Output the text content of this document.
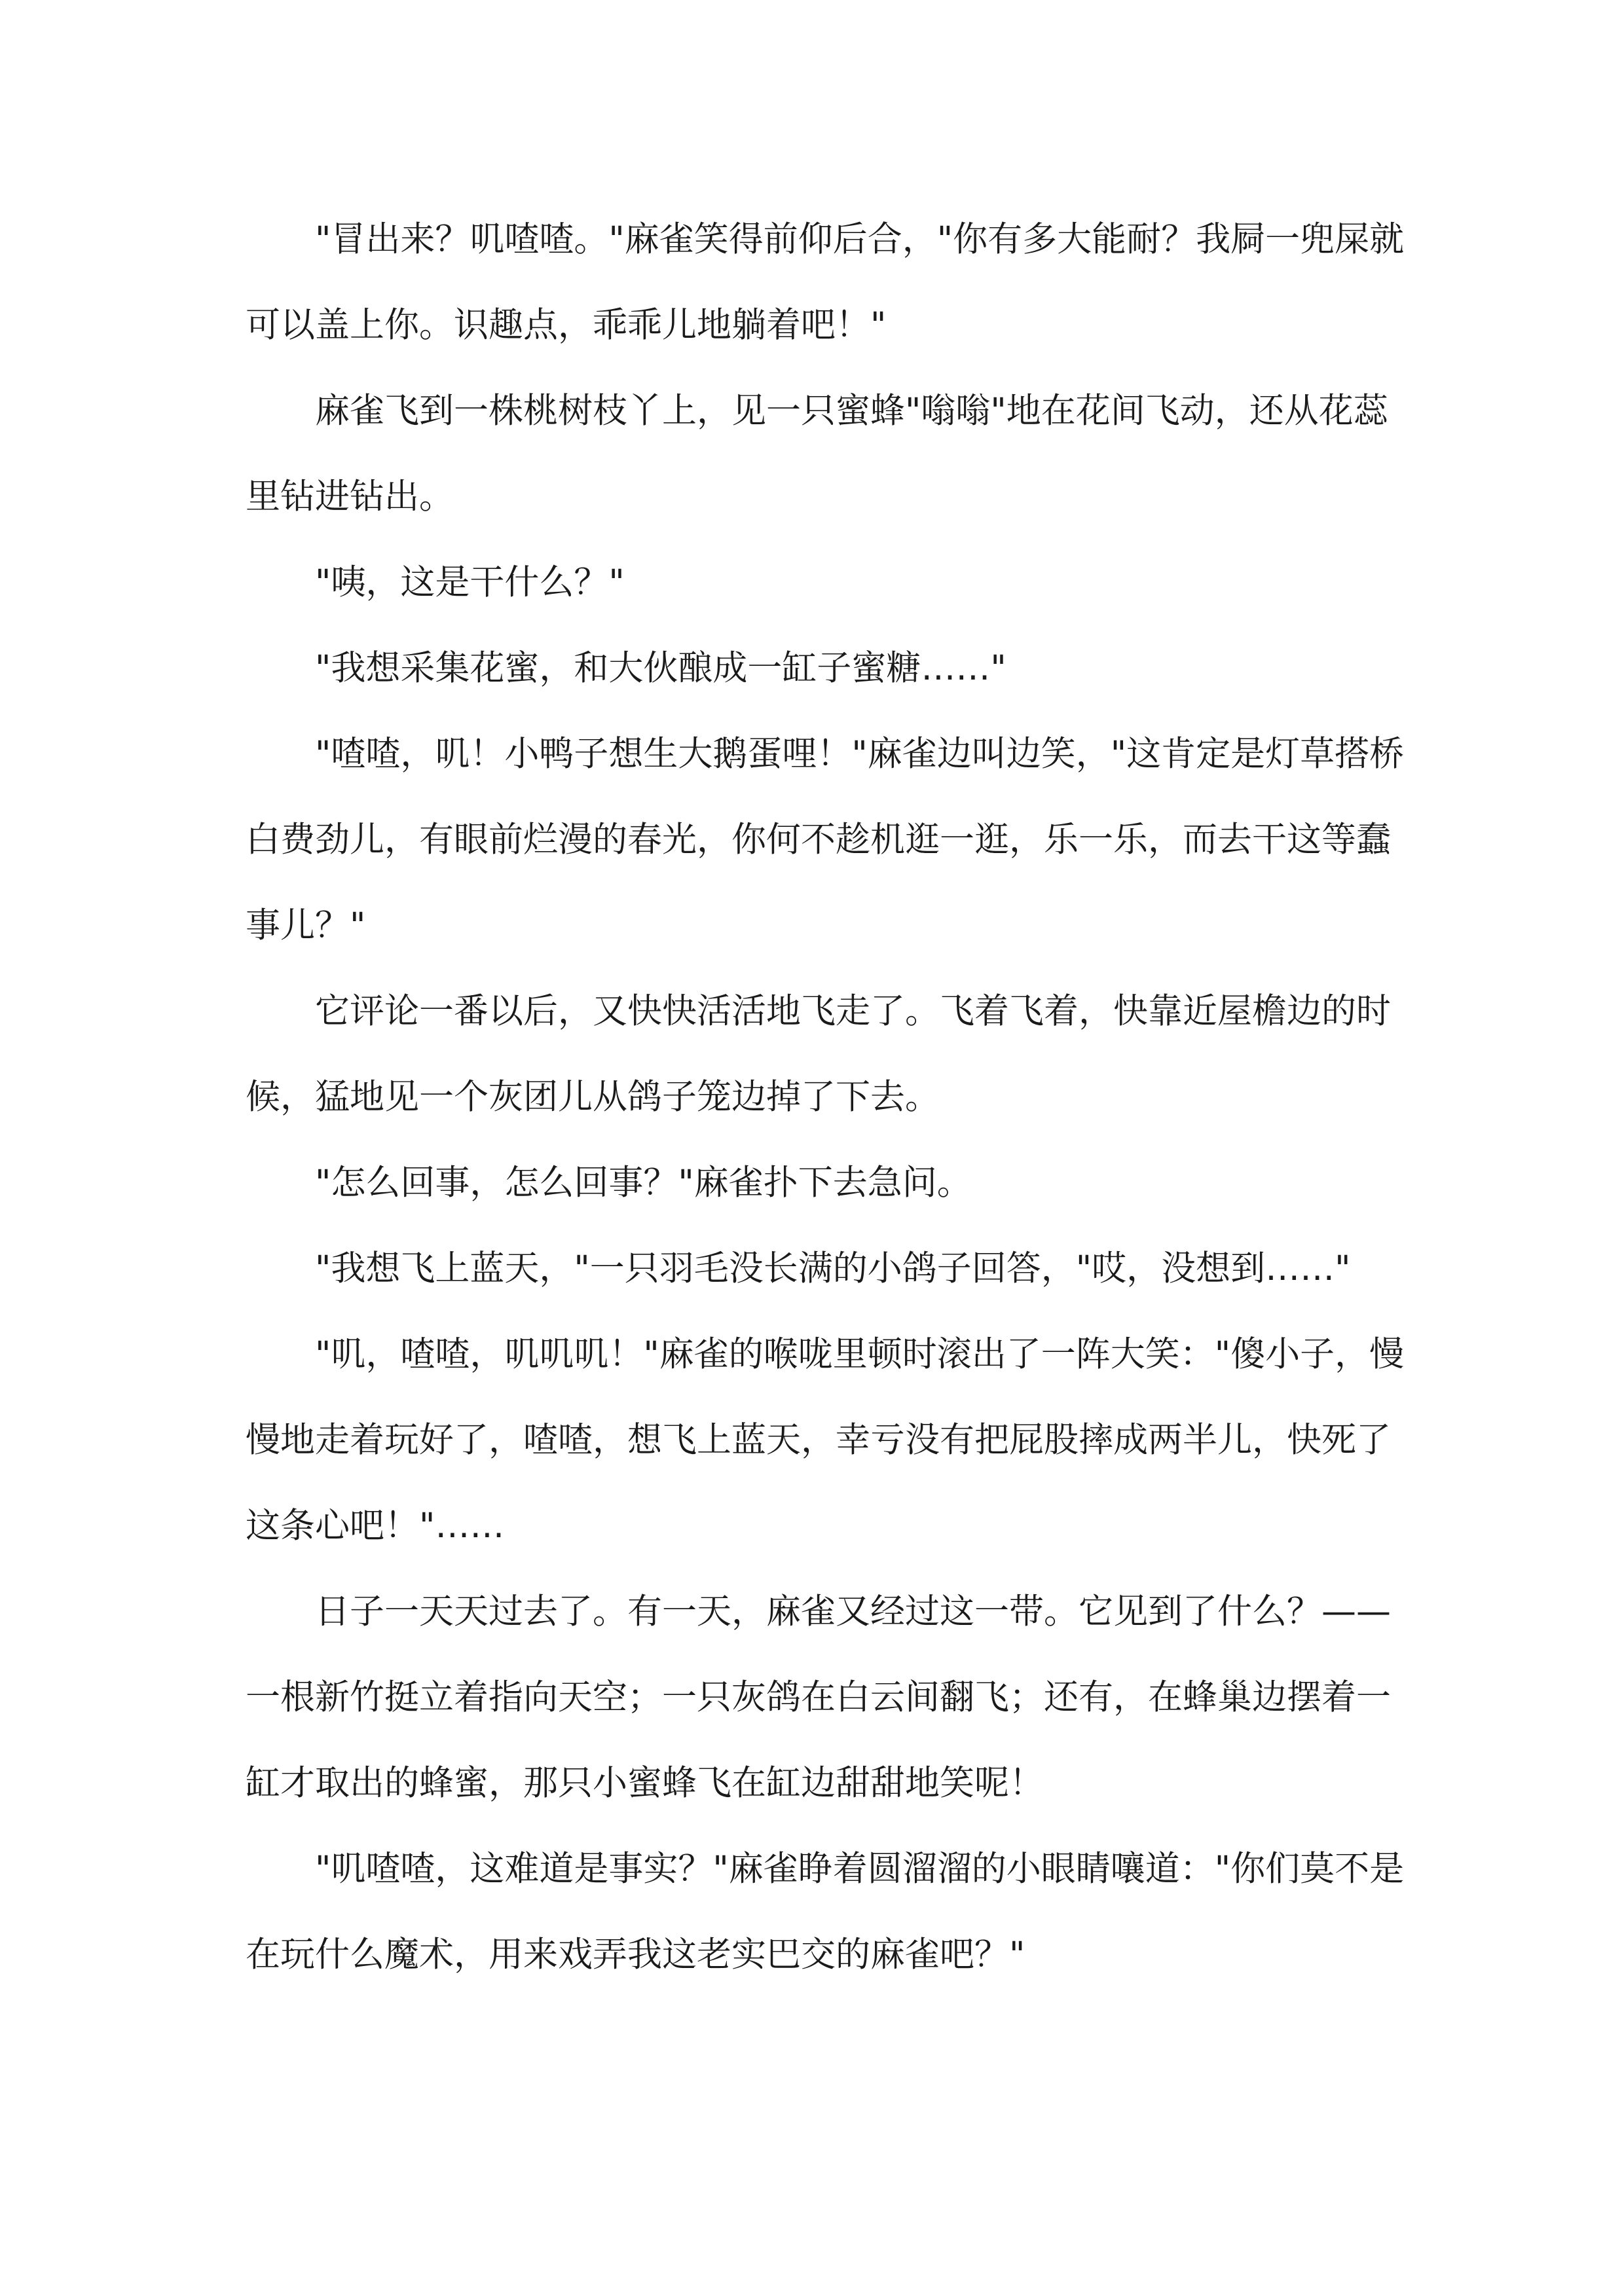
"冒出来？叽喳喳。"麻雀笑得前仰后合，"你有多大能耐？我屙一兜屎就可以盖上你。识趣点，乖乖儿地躺着吧！"

麻雀飞到一株桃树枝丫上，见一只蜜蜂"嗡嗡"地在花间飞动，还从花蕊里钻进钻出。

"咦，这是干什么？"

"我想采集花蜜，和大伙酿成一缸子蜜糖……"

"喳喳，叽！小鸭子想生大鹅蛋哩！"麻雀边叫边笑，"这肯定是灯草搭桥白费劲儿，有眼前烂漫的春光，你何不趁机逛一逛，乐一乐，而去干这等蠢事儿？"

它评论一番以后，又快快活活地飞走了。飞着飞着，快靠近屋檐边的时候，猛地见一个灰团儿从鸽子笼边掉了下去。

"怎么回事，怎么回事？"麻雀扑下去急问。

"我想飞上蓝天，"一只羽毛没长满的小鸽子回答，"哎，没想到……"

"叽，喳喳，叽叽叽！"麻雀的喉咙里顿时滚出了一阵大笑："傻小子，慢慢地走着玩好了，喳喳，想飞上蓝天，幸亏没有把屁股摔成两半儿，快死了这条心吧！"……

日子一天天过去了。有一天，麻雀又经过这一带。它见到了什么？——一根新竹挺立着指向天空；一只灰鸽在白云间翻飞；还有，在蜂巢边摆着一缸才取出的蜂蜜，那只小蜜蜂飞在缸边甜甜地笑呢！

"叽喳喳，这难道是事实？"麻雀睁着圆溜溜的小眼睛嚷道："你们莫不是在玩什么魔术，用来戏弄我这老实巴交的麻雀吧？"
